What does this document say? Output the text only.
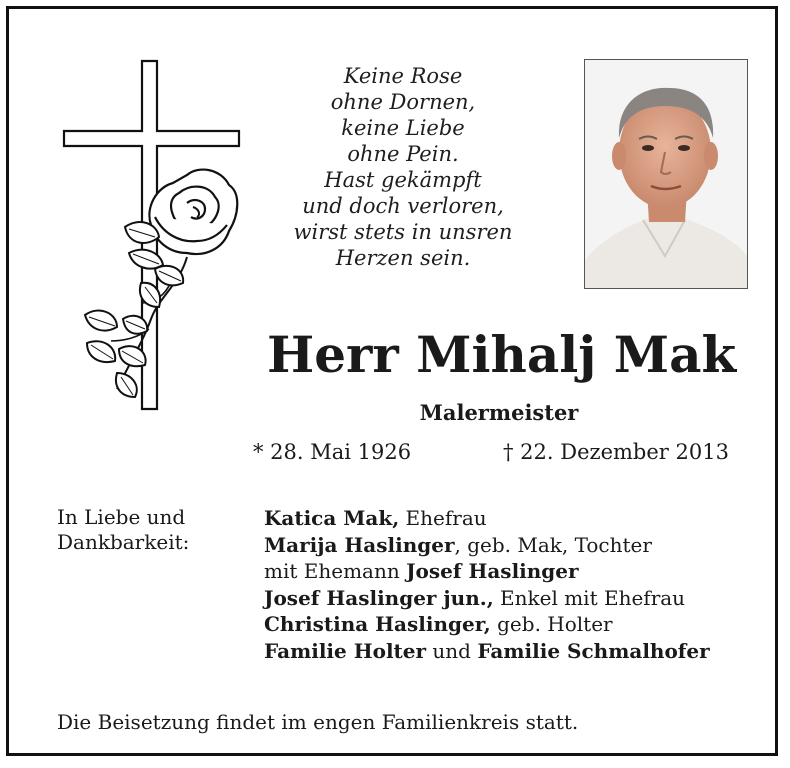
Keine Rose
ohne Dornen,
keine Liebe
ohne Pein.
Hast gekämpft
und doch verloren,
wirst stets in unsren
Herzen sein.
Herr Mihalj Mak
Malermeister
* 28. Mai 1926	† 22. Dezember 2013
In Liebe und
Dankbarkeit:
Katica Mak, Ehefrau
Marija Haslinger, geb. Mak, Tochter
mit Ehemann Josef Haslinger
Josef Haslinger jun., Enkel mit Ehefrau
Christina Haslinger, geb. Holter
Familie Holter und Familie Schmalhofer
Die Beisetzung findet im engen Familienkreis statt.
